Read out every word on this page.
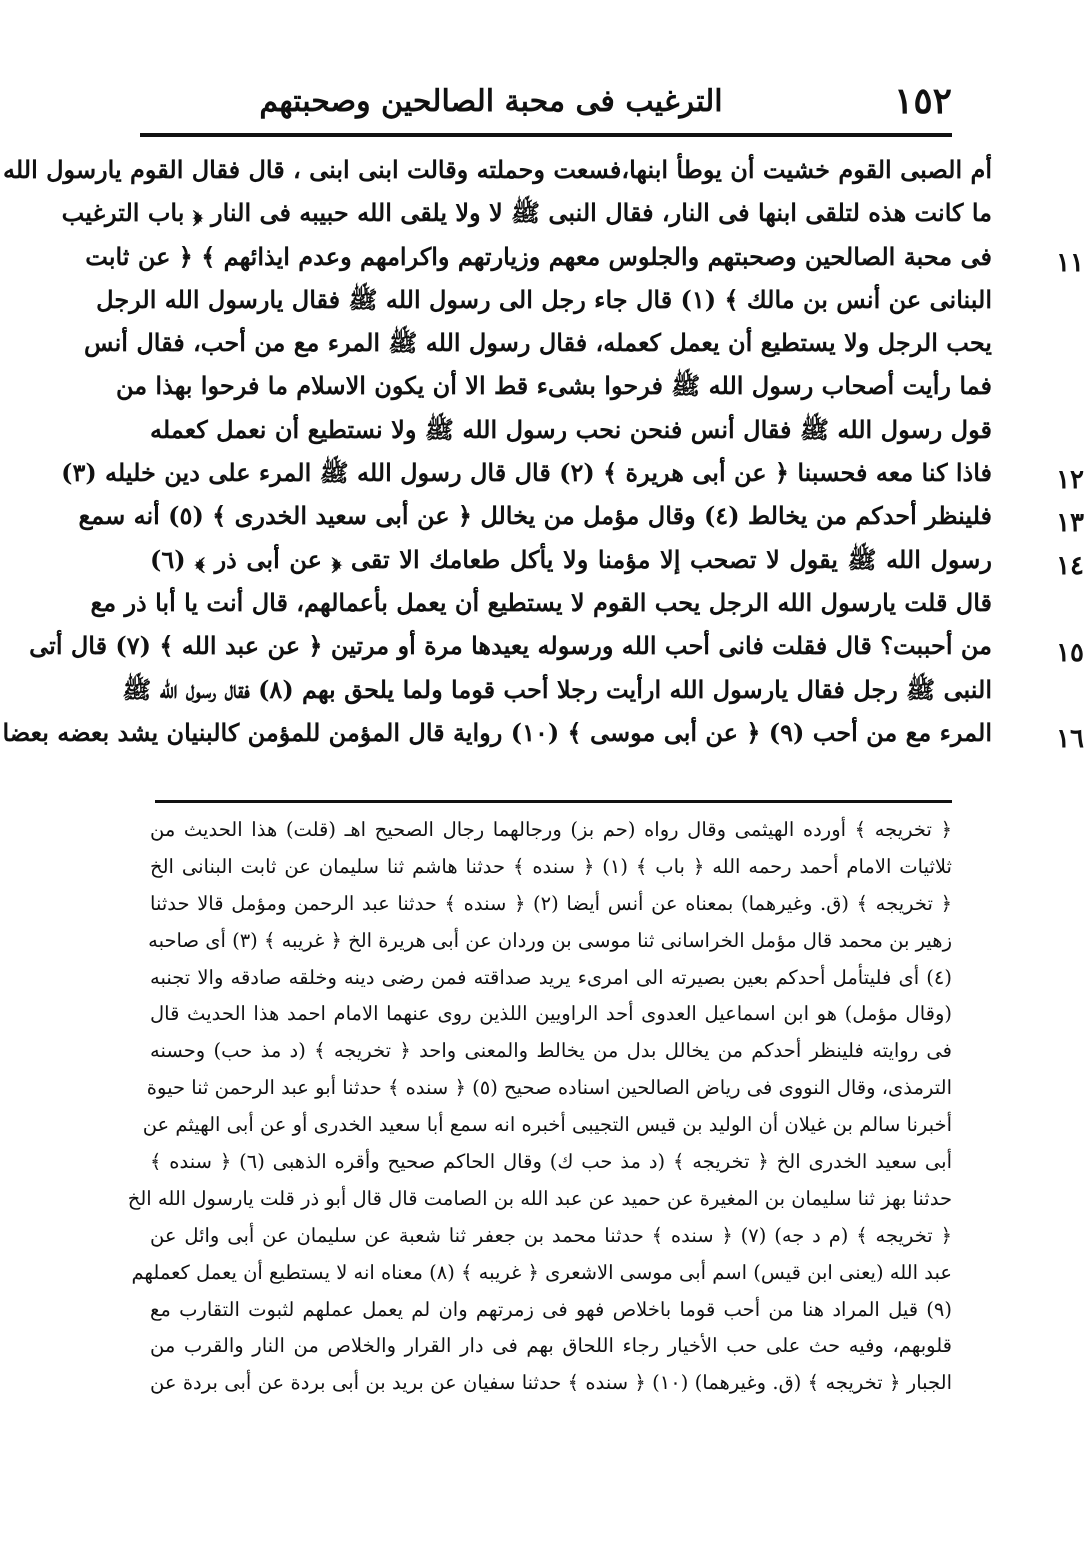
١٥٢
الترغيب فى محبة الصالحين وصحبتهم
أم الصبى القوم خشيت أن يوطأ ابنها،فسعت وحملته وقالت ابنى ابنى ، قال فقال القوم يارسول الله
ما كانت هذه لتلقى ابنها فى النار، فقال النبى ﷺ لا ولا يلقى الله حبيبه فى النار ﴿ باب الترغيب
فى محبة الصالحين وصحبتهم والجلوس معهم وزيارتهم واكرامهم وعدم ايذائهم ﴾ ﴿ عن ثابت
البنانى عن أنس بن مالك ﴾ (١) قال جاء رجل الى رسول الله ﷺ فقال يارسول الله الرجل
يحب الرجل ولا يستطيع أن يعمل كعمله، فقال رسول الله ﷺ المرء مع من أحب، فقال أنس
فما رأيت أصحاب رسول الله ﷺ فرحوا بشىء قط الا أن يكون الاسلام ما فرحوا بهذا من
قول رسول الله ﷺ فقال أنس فنحن نحب رسول الله ﷺ ولا نستطيع أن نعمل كعمله
فاذا كنا معه فحسبنا ﴿ عن أبى هريرة ﴾ (٢) قال قال رسول الله ﷺ المرء على دين خليله (٣)
فلينظر أحدكم من يخالط (٤) وقال مؤمل من يخالل ﴿ عن أبى سعيد الخدرى ﴾ (٥) أنه سمع
رسول الله ﷺ يقول لا تصحب إلا مؤمنا ولا يأكل طعامك الا تقى ﴿ عن أبى ذر ﴾ (٦)
قال قلت يارسول الله الرجل يحب القوم لا يستطيع أن يعمل بأعمالهم، قال أنت يا أبا ذر مع
من أحببت؟ قال فقلت فانى أحب الله ورسوله يعيدها مرة أو مرتين ﴿ عن عبد الله ﴾ (٧) قال أتى
النبى ﷺ رجل فقال يارسول الله ارأيت رجلا أحب قوما ولما يلحق بهم (٨) فقال رسول الله ﷺ
المرء مع من أحب (٩) ﴿ عن أبى موسى ﴾ (١٠) رواية قال المؤمن للمؤمن كالبنيان يشد بعضه بعضا
١١
١٢
١٣
١٤
١٥
١٦
﴿ تخريجه ﴾ أورده الهيثمى وقال رواه (حم بز) ورجالهما رجال الصحيح اهـ (قلت) هذا الحديث من
ثلاثيات الامام أحمد رحمه الله ﴿ باب ﴾ (١) ﴿ سنده ﴾ حدثنا هاشم ثنا سليمان عن ثابت البنانى الخ
﴿ تخريجه ﴾ (ق. وغيرهما) بمعناه عن أنس أيضا (٢) ﴿ سنده ﴾ حدثنا عبد الرحمن ومؤمل قالا حدثنا
زهير بن محمد قال مؤمل الخراسانى ثنا موسى بن وردان عن أبى هريرة الخ ﴿ غريبه ﴾ (٣) أى صاحبه
(٤) أى فليتأمل أحدكم بعين بصيرته الى امرىء يريد صداقته فمن رضى دينه وخلقه صادقه والا تجنبه
(وقال مؤمل) هو ابن اسماعيل العدوى أحد الراويين اللذين روى عنهما الامام احمد هذا الحديث قال
فى روايته فلينظر أحدكم من يخالل بدل من يخالط والمعنى واحد ﴿ تخريجه ﴾ (د مذ حب) وحسنه
الترمذى، وقال النووى فى رياض الصالحين اسناده صحيح (٥) ﴿ سنده ﴾ حدثنا أبو عبد الرحمن ثنا حيوة
أخبرنا سالم بن غيلان أن الوليد بن قيس التجيبى أخبره انه سمع أبا سعيد الخدرى أو عن أبى الهيثم عن
أبى سعيد الخدرى الخ ﴿ تخريجه ﴾ (د مذ حب ك) وقال الحاكم صحيح وأقره الذهبى (٦) ﴿ سنده ﴾
حدثنا بهز ثنا سليمان بن المغيرة عن حميد عن عبد الله بن الصامت قال قال أبو ذر قلت يارسول الله الخ
﴿ تخريجه ﴾ (م د جه) (٧) ﴿ سنده ﴾ حدثنا محمد بن جعفر ثنا شعبة عن سليمان عن أبى وائل عن
عبد الله (يعنى ابن قيس) اسم أبى موسى الاشعرى ﴿ غريبه ﴾ (٨) معناه انه لا يستطيع أن يعمل كعملهم
(٩) قيل المراد هنا من أحب قوما باخلاص فهو فى زمرتهم وان لم يعمل عملهم لثبوت التقارب مع
قلوبهم، وفيه حث على حب الأخيار رجاء اللحاق بهم فى دار القرار والخلاص من النار والقرب من
الجبار ﴿ تخريجه ﴾ (ق. وغيرهما) (١٠) ﴿ سنده ﴾ حدثنا سفيان عن بريد بن أبى بردة عن أبى بردة عن
